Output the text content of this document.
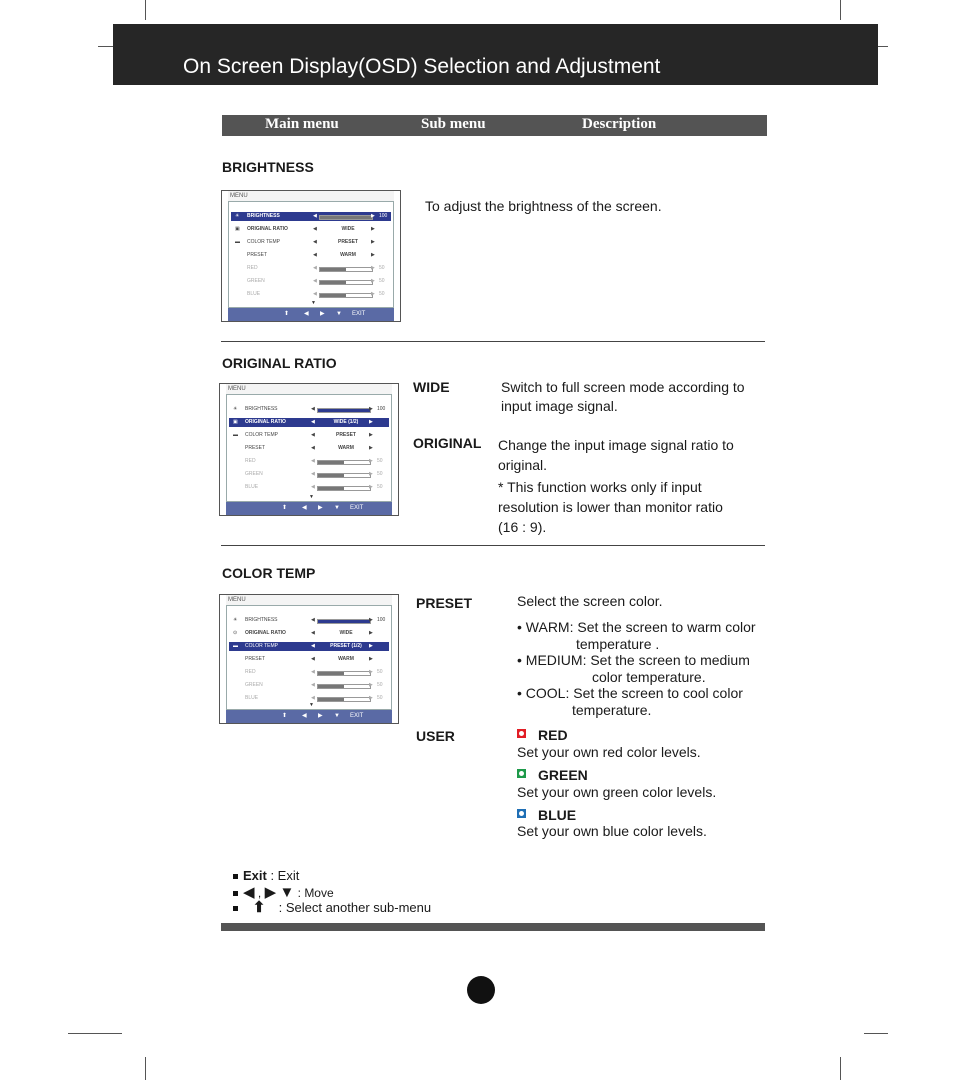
On Screen Display(OSD) Selection and Adjustment
Main menu	Sub menu	Description
BRIGHTNESS
MENU
☀ BRIGHTNESS	◀	▶ 100
▣ ORIGINAL RATIO	◀	WIDE	▶
▬ COLOR TEMP	◀	PRESET	▶
PRESET	◀	WARM	▶
RED	◀	▶ 50
GREEN	◀	▶ 50
BLUE	◀	▶ 50
▼
⬆ ◀ ▶ ▼ EXIT
To adjust the brightness of the screen.
ORIGINAL RATIO
MENU
☀ BRIGHTNESS	◀	▶ 100
▣ ORIGINAL RATIO	◀	WIDE (1/2)	▶
▬ COLOR TEMP	◀	PRESET	▶
PRESET	◀	WARM	▶
RED	◀	▶ 50
GREEN	◀	▶ 50
BLUE	◀	▶ 50
▼
⬆ ◀ ▶ ▼ EXIT
WIDE	Switch to full screen mode according to
input image signal.
ORIGINAL Change the input image signal ratio to
original.
* This function works only if input
resolution is lower than monitor ratio
(16 : 9).
COLOR TEMP
MENU
☀ BRIGHTNESS	◀	▶ 100
⊙ ORIGINAL RATIO	◀	WIDE	▶
▬ COLOR TEMP	◀	PRESET (1/2)	▶
PRESET	◀	WARM	▶
RED	◀	▶ 50
GREEN	◀	▶ 50
BLUE	◀	▶ 50
▼
⬆ ◀ ▶ ▼ EXIT
PRESET	Select the screen color.
• WARM: Set the screen to warm color
temperature .
• MEDIUM: Set the screen to medium
color temperature.
• COOL: Set the screen to cool color
temperature.
USER	RED
Set your own red color levels.
GREEN
Set your own green color levels.
BLUE
Set your own blue color levels.
Exit : Exit
◀ , ▶ ▼ : Move
⬆ : Select another sub-menu
